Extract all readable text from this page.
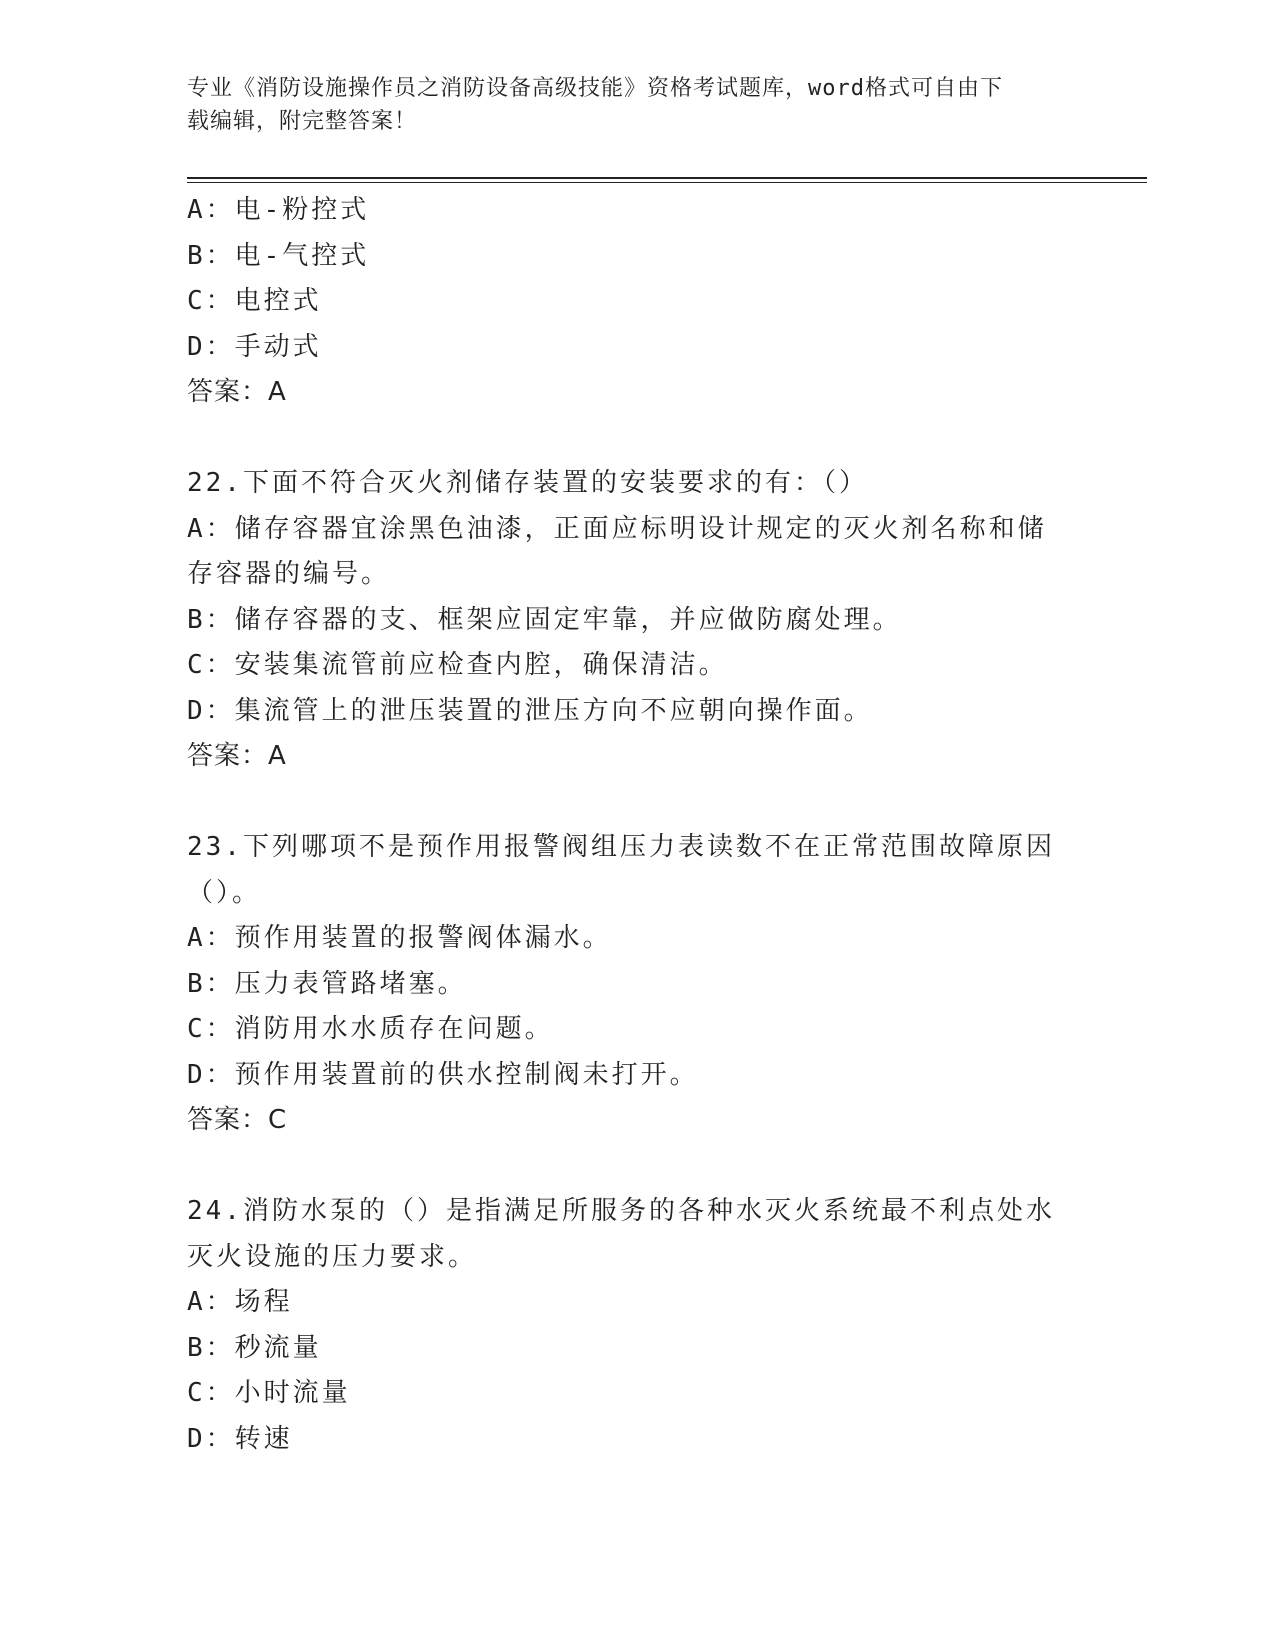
专业《消防设施操作员之消防设备高级技能》资格考试题库，word格式可自由下
载编辑，附完整答案！
A：电-粉控式
B：电-气控式
C：电控式
D：手动式
答案：A
22.下面不符合灭火剂储存装置的安装要求的有：（）
A：储存容器宜涂黑色油漆，正面应标明设计规定的灭火剂名称和储存容器的编号。
B：储存容器的支、框架应固定牢靠，并应做防腐处理。
C：安装集流管前应检查内腔，确保清洁。
D：集流管上的泄压装置的泄压方向不应朝向操作面。
答案：A
23.下列哪项不是预作用报警阀组压力表读数不在正常范围故障原因（）。
A：预作用装置的报警阀体漏水。
B：压力表管路堵塞。
C：消防用水水质存在问题。
D：预作用装置前的供水控制阀未打开。
答案：C
24.消防水泵的（）是指满足所服务的各种水灭火系统最不利点处水灭火设施的压力要求。
A：场程
B：秒流量
C：小时流量
D：转速
